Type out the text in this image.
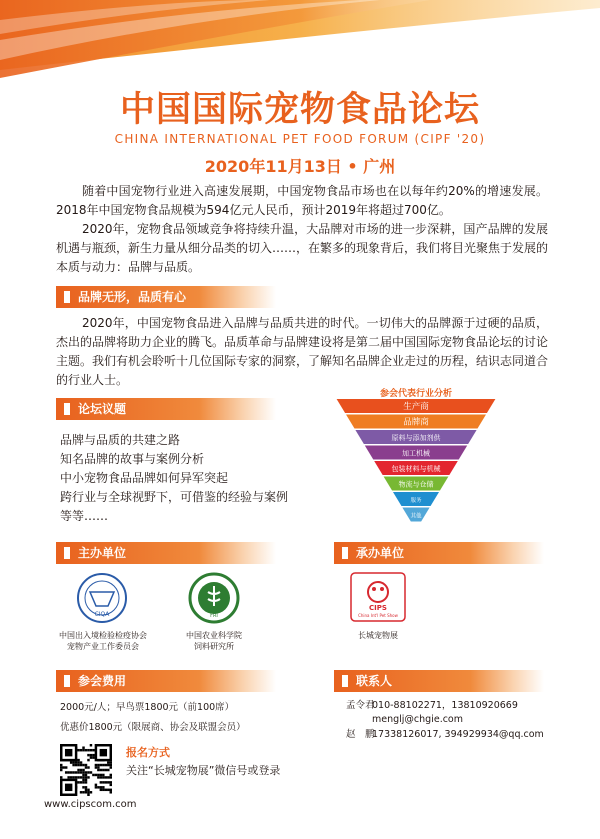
中国国际宠物食品论坛
CHINA INTERNATIONAL PET FOOD FORUM (CIPF '20)
2020年11月13日 • 广州
随着中国宠物行业进入高速发展期，中国宠物食品市场也在以每年约20%的增速发展。2018年中国宠物食品规模为594亿元人民币，预计2019年将超过700亿。
2020年，宠物食品领域竞争将持续升温，大品牌对市场的进一步深耕，国产品牌的发展机遇与瓶颈，新生力量从细分品类的切入……，在繁多的现象背后，我们将目光聚焦于发展的本质与动力：品牌与品质。
品牌无形，品质有心
2020年，中国宠物食品进入品牌与品质共进的时代。一切伟大的品牌源于过硬的品质，杰出的品牌将助力企业的腾飞。品质革命与品牌建设将是第二届中国国际宠物食品论坛的讨论主题。我们有机会聆听十几位国际专家的洞察，了解知名品牌企业走过的历程，结识志同道合的行业人士。
论坛议题
品牌与品质的共建之路
知名品牌的故事与案例分析
中小宠物食品品牌如何异军突起
跨行业与全球视野下，可借鉴的经验与案例
等等……
参会代表行业分析
生产商
品牌商
原料与添加剂供
加工机械
包装材料与机械
物流与仓储
服务
其他
主办单位	承办单位
CIQA
中国出入境检验检疫协会
宠物产业工作委员会
FRI
中国农业科学院
饲料研究所
CIPS
China Int'l Pet Show
长城宠物展
参会费用	联系人
2000元/人；早鸟票1800元（前100席）
优惠价1800元（限展商、协会及联盟会员）
孟令君
010-88102271，13810920669
menglj@chgie.com
赵　鹏
17338126017, 394929934@qq.com
报名方式
关注“长城宠物展”微信号或登录
www.cipscom.com
